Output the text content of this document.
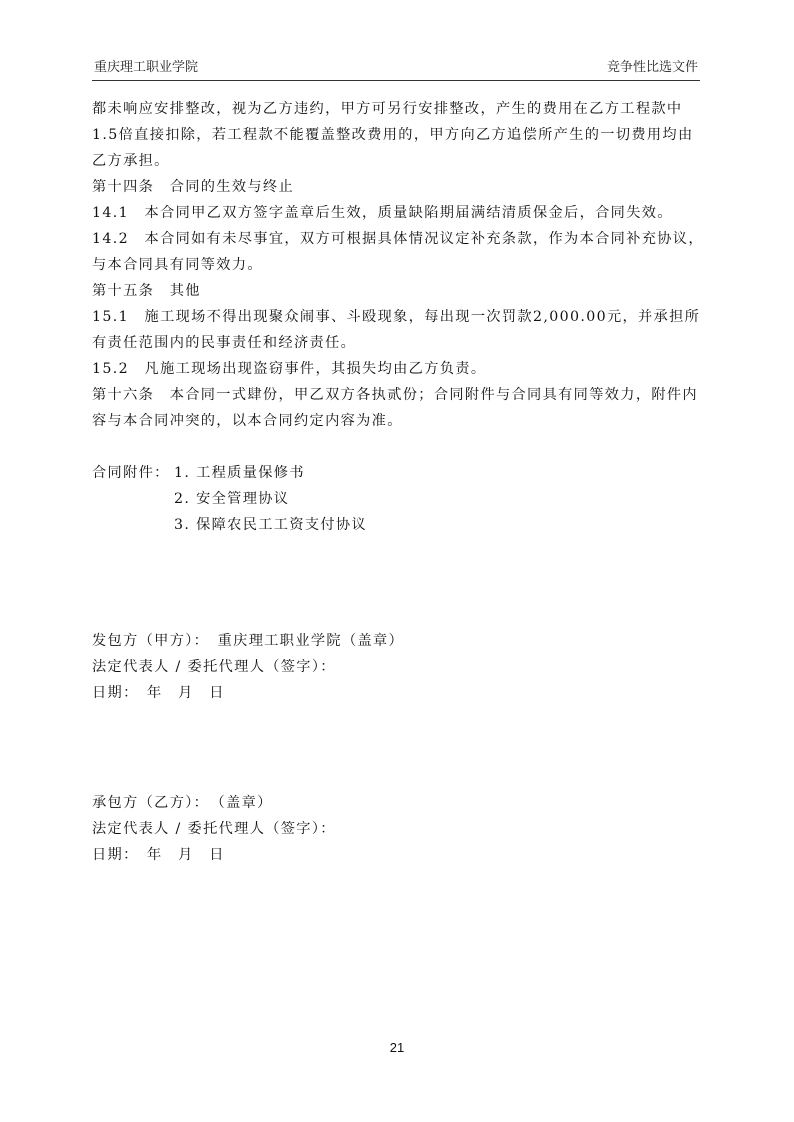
重庆理工职业学院	竞争性比选文件

都未响应安排整改，视为乙方违约，甲方可另行安排整改，产生的费用在乙方工程款中1.5倍直接扣除，若工程款不能覆盖整改费用的，甲方向乙方追偿所产生的一切费用均由乙方承担。

第十四条　合同的生效与终止

14.1　本合同甲乙双方签字盖章后生效，质量缺陷期届满结清质保金后，合同失效。

14.2　本合同如有未尽事宜，双方可根据具体情况议定补充条款，作为本合同补充协议，与本合同具有同等效力。

第十五条　其他

15.1　施工现场不得出现聚众闹事、斗殴现象，每出现一次罚款2,000.00元，并承担所有责任范围内的民事责任和经济责任。

15.2　凡施工现场出现盗窃事件，其损失均由乙方负责。

第十六条　本合同一式肆份，甲乙双方各执贰份；合同附件与合同具有同等效力，附件内容与本合同冲突的，以本合同约定内容为准。

合同附件： 1. 工程质量保修书
2. 安全管理协议
3. 保障农民工工资支付协议

发包方（甲方）：　重庆理工职业学院（盖章）

法定代表人 / 委托代理人（签字）：

日期：　年　月　日

承包方（乙方）：　（盖章）

法定代表人 / 委托代理人（签字）：

日期：　年　月　日

21
